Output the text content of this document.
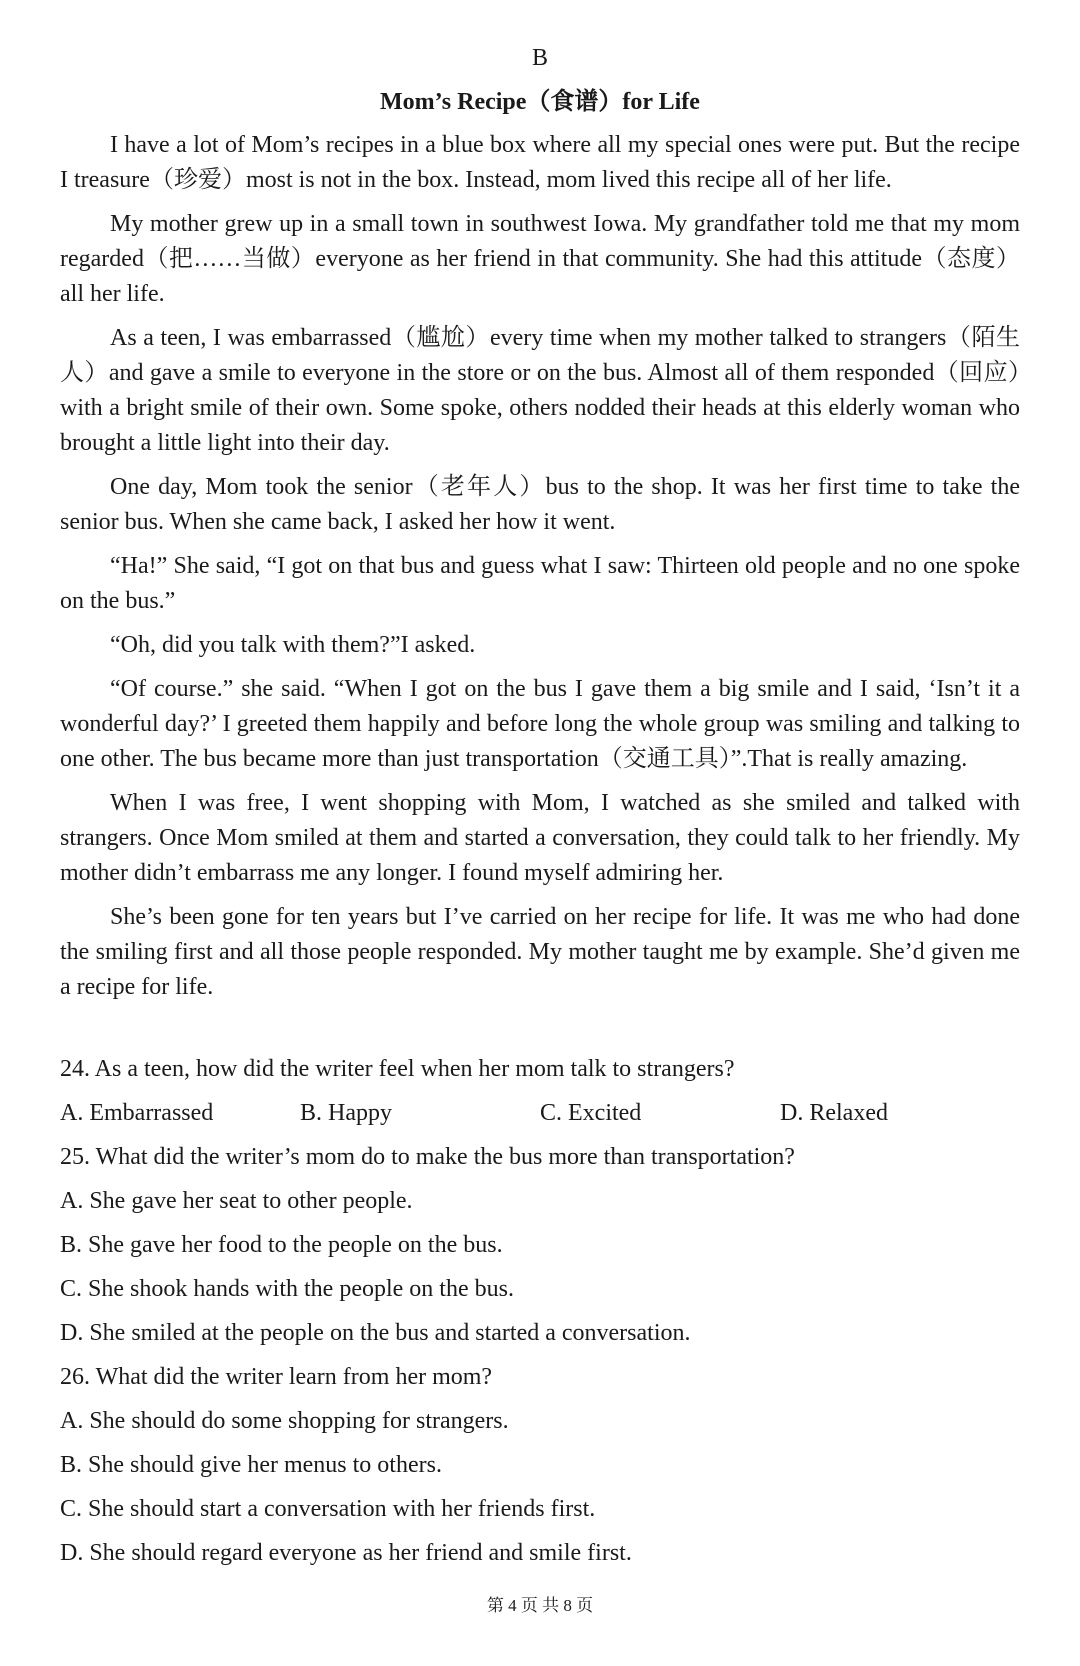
B
Mom’s Recipe（食谱）for Life

I have a lot of Mom’s recipes in a blue box where all my special ones were put. But the recipe I treasure（珍爱）most is not in the box. Instead, mom lived this recipe all of her life.

My mother grew up in a small town in southwest Iowa. My grandfather told me that my mom regarded（把……当做）everyone as her friend in that community. She had this attitude（态度）all her life.

As a teen, I was embarrassed（尴尬）every time when my mother talked to strangers（陌生人）and gave a smile to everyone in the store or on the bus. Almost all of them responded（回应）with a bright smile of their own. Some spoke, others nodded their heads at this elderly woman who brought a little light into their day.

One day, Mom took the senior（老年人）bus to the shop. It was her first time to take the senior bus. When she came back, I asked her how it went.

“Ha!” She said, “I got on that bus and guess what I saw: Thirteen old people and no one spoke on the bus.”

“Oh, did you talk with them?”I asked.

“Of course.” she said. “When I got on the bus I gave them a big smile and I said, ‘Isn’t it a wonderful day?’ I greeted them happily and before long the whole group was smiling and talking to one other. The bus became more than just transportation（交通工具）”.That is really amazing.

When I was free, I went shopping with Mom, I watched as she smiled and talked with strangers. Once Mom smiled at them and started a conversation, they could talk to her friendly. My mother didn’t embarrass me any longer. I found myself admiring her.

She’s been gone for ten years but I’ve carried on her recipe for life. It was me who had done the smiling first and all those people responded. My mother taught me by example. She’d given me a recipe for life.

24. As a teen, how did the writer feel when her mom talk to strangers?
A. Embarrassed	B. Happy	C. Excited	D. Relaxed
25. What did the writer’s mom do to make the bus more than transportation?
A. She gave her seat to other people.
B. She gave her food to the people on the bus.
C. She shook hands with the people on the bus.
D. She smiled at the people on the bus and started a conversation.
26. What did the writer learn from her mom?
A. She should do some shopping for strangers.
B. She should give her menus to others.
C. She should start a conversation with her friends first.
D. She should regard everyone as her friend and smile first.
第 4 页 共 8 页
